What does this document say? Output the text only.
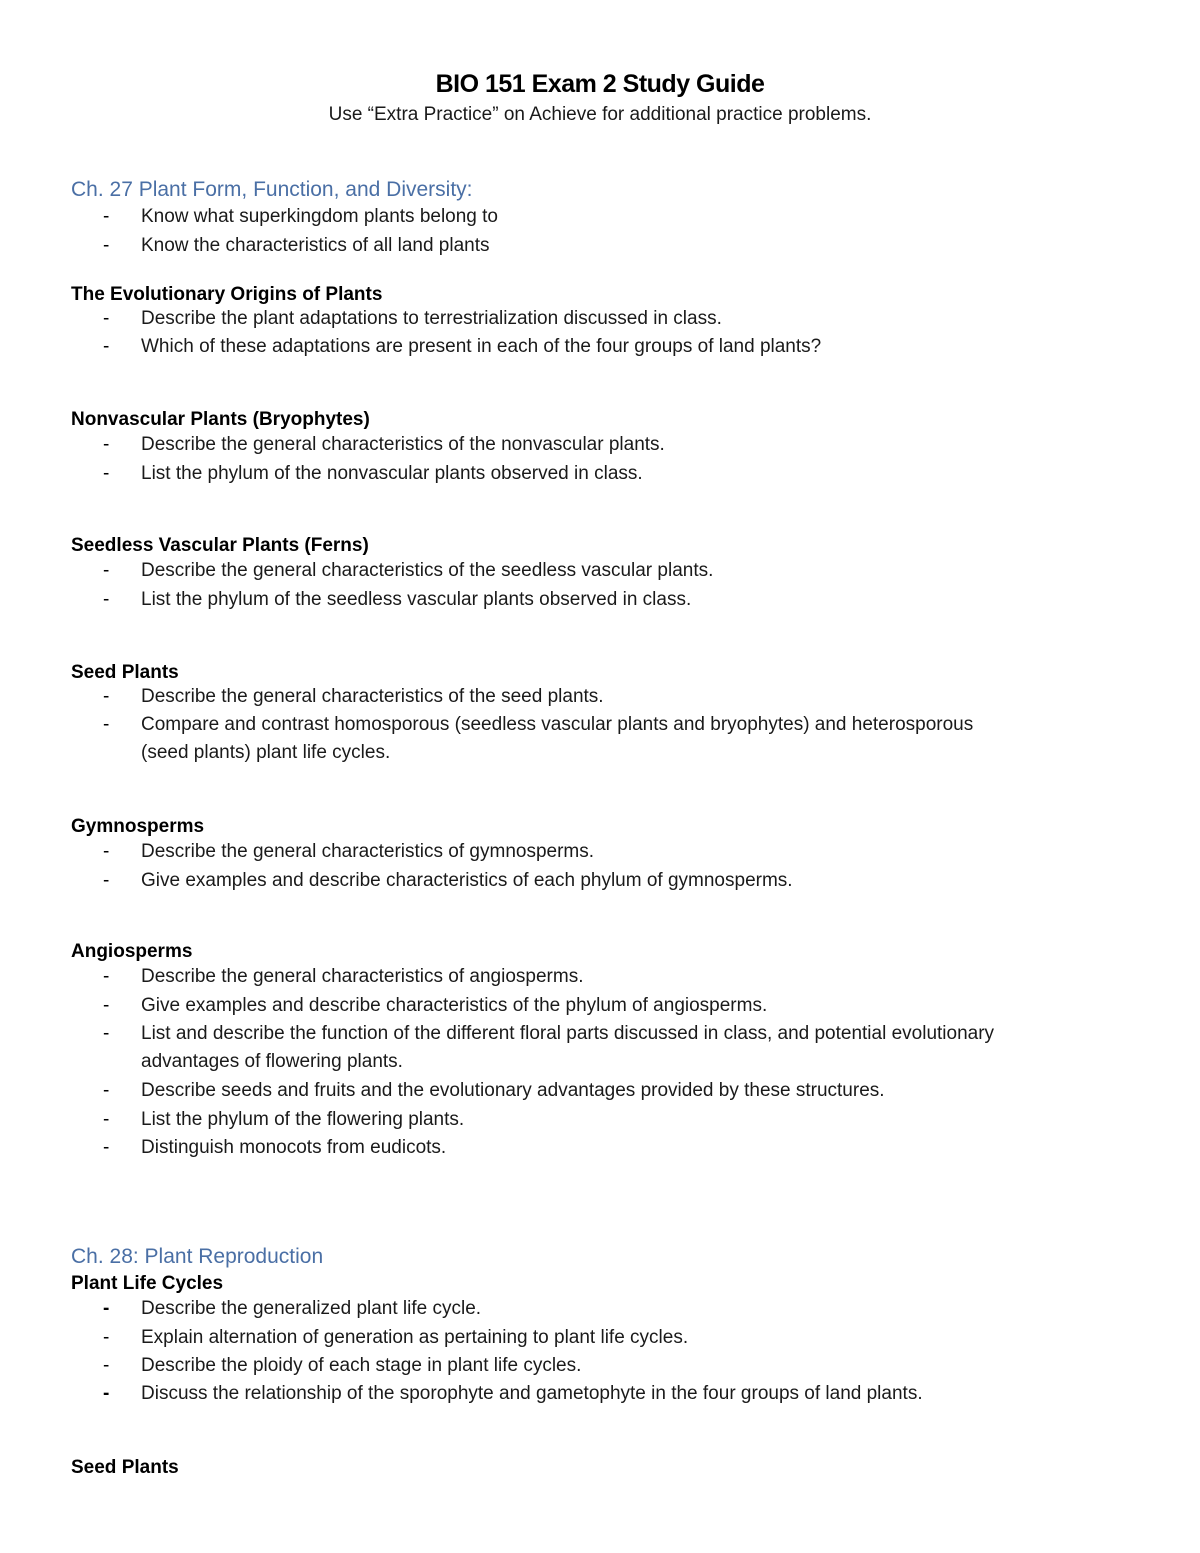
BIO 151 Exam 2 Study Guide
Use “Extra Practice” on Achieve for additional practice problems.
Ch. 27 Plant Form, Function, and Diversity:
- Know what superkingdom plants belong to
- Know the characteristics of all land plants
The Evolutionary Origins of Plants
- Describe the plant adaptations to terrestrialization discussed in class.
- Which of these adaptations are present in each of the four groups of land plants?
Nonvascular Plants (Bryophytes)
- Describe the general characteristics of the nonvascular plants.
- List the phylum of the nonvascular plants observed in class.
Seedless Vascular Plants (Ferns)
- Describe the general characteristics of the seedless vascular plants.
- List the phylum of the seedless vascular plants observed in class.
Seed Plants
- Describe the general characteristics of the seed plants.
- Compare and contrast homosporous (seedless vascular plants and bryophytes) and heterosporous
(seed plants) plant life cycles.
Gymnosperms
- Describe the general characteristics of gymnosperms.
- Give examples and describe characteristics of each phylum of gymnosperms.
Angiosperms
- Describe the general characteristics of angiosperms.
- Give examples and describe characteristics of the phylum of angiosperms.
- List and describe the function of the different floral parts discussed in class, and potential evolutionary
advantages of flowering plants.
- Describe seeds and fruits and the evolutionary advantages provided by these structures.
- List the phylum of the flowering plants.
- Distinguish monocots from eudicots.
Ch. 28: Plant Reproduction
Plant Life Cycles
- Describe the generalized plant life cycle.
- Explain alternation of generation as pertaining to plant life cycles.
- Describe the ploidy of each stage in plant life cycles.
- Discuss the relationship of the sporophyte and gametophyte in the four groups of land plants.
Seed Plants
